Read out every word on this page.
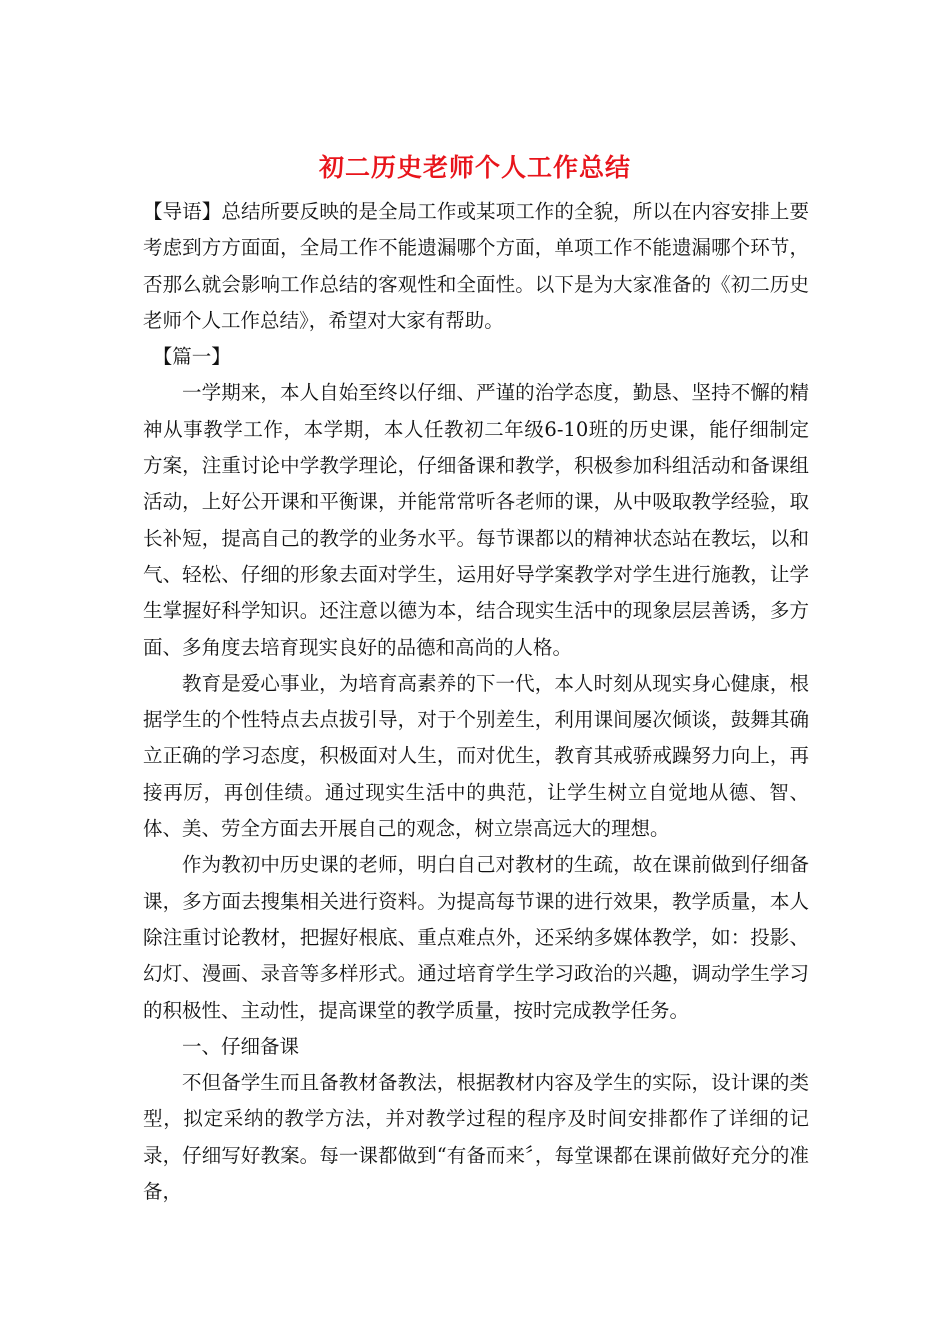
初二历史老师个人工作总结

【导语】总结所要反映的是全局工作或某项工作的全貌，所以在内容安排上要考虑到方方面面，全局工作不能遗漏哪个方面，单项工作不能遗漏哪个环节，否那么就会影响工作总结的客观性和全面性。以下是为大家准备的《初二历史老师个人工作总结》，希望对大家有帮助。

【篇一】

一学期来，本人自始至终以仔细、严谨的治学态度，勤恳、坚持不懈的精神从事教学工作，本学期，本人任教初二年级6-10班的历史课，能仔细制定方案，注重讨论中学教学理论，仔细备课和教学，积极参加科组活动和备课组活动，上好公开课和平衡课，并能常常听各老师的课，从中吸取教学经验，取长补短，提高自己的教学的业务水平。每节课都以的精神状态站在教坛，以和气、轻松、仔细的形象去面对学生，运用好导学案教学对学生进行施教，让学生掌握好科学知识。还注意以德为本，结合现实生活中的现象层层善诱，多方面、多角度去培育现实良好的品德和高尚的人格。

教育是爱心事业，为培育高素养的下一代，本人时刻从现实身心健康，根据学生的个性特点去点拔引导，对于个别差生，利用课间屡次倾谈，鼓舞其确立正确的学习态度，积极面对人生，而对优生，教育其戒骄戒躁努力向上，再接再厉，再创佳绩。通过现实生活中的典范，让学生树立自觉地从德、智、体、美、劳全方面去开展自己的观念，树立崇高远大的理想。

作为教初中历史课的老师，明白自己对教材的生疏，故在课前做到仔细备课，多方面去搜集相关进行资料。为提高每节课的进行效果，教学质量，本人除注重讨论教材，把握好根底、重点难点外，还采纳多媒体教学，如：投影、幻灯、漫画、录音等多样形式。通过培育学生学习政治的兴趣，调动学生学习的积极性、主动性，提高课堂的教学质量，按时完成教学任务。

一、仔细备课

不但备学生而且备教材备教法，根据教材内容及学生的实际，设计课的类型，拟定采纳的教学方法，并对教学过程的程序及时间安排都作了详细的记录，仔细写好教案。每一课都做到“有备而来〞，每堂课都在课前做好充分的准备，
